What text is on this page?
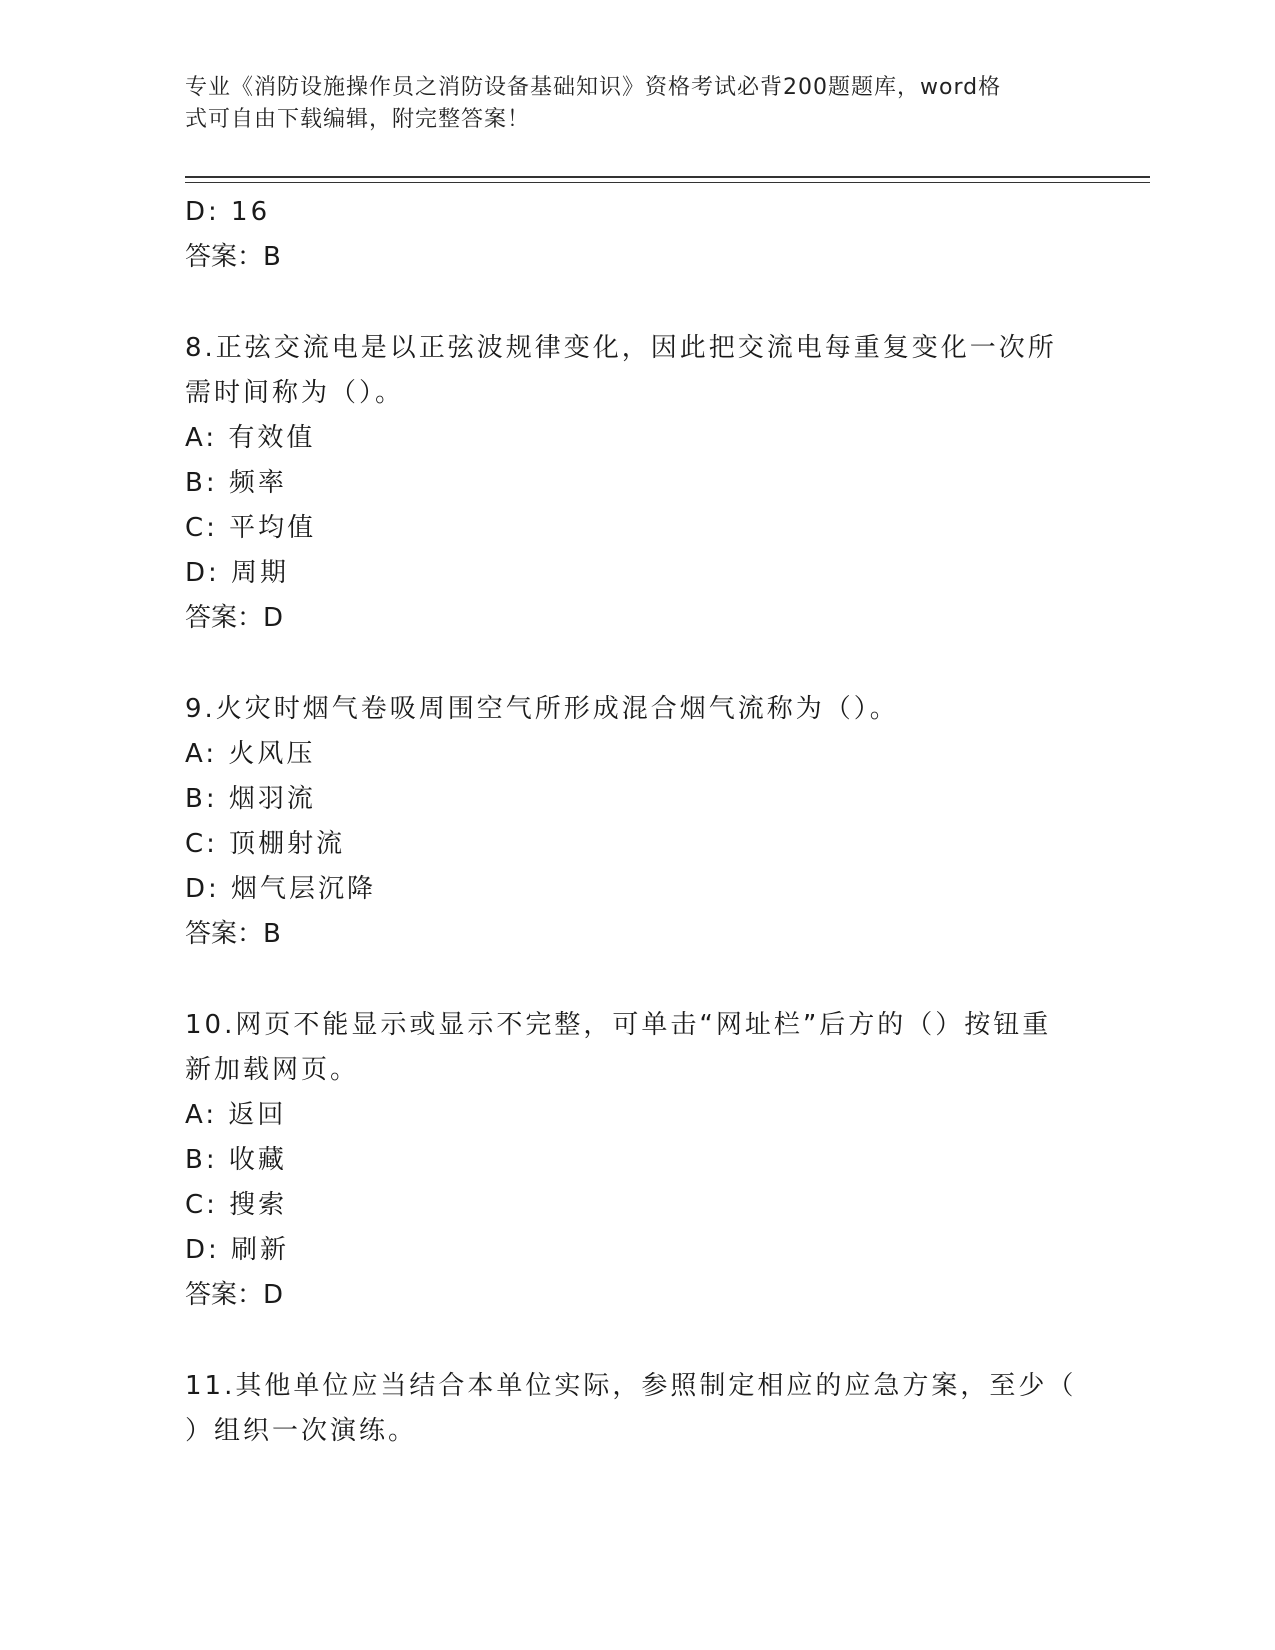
专业《消防设施操作员之消防设备基础知识》资格考试必背200题题库，word格
式可自由下载编辑，附完整答案！
D: 16
答案：B
8.正弦交流电是以正弦波规律变化，因此把交流电每重复变化一次所
需时间称为（）。
A: 有效值
B: 频率
C: 平均值
D: 周期
答案：D
9.火灾时烟气卷吸周围空气所形成混合烟气流称为（）。
A: 火风压
B: 烟羽流
C: 顶棚射流
D: 烟气层沉降
答案：B
10.网页不能显示或显示不完整，可单击“网址栏”后方的（）按钮重
新加载网页。
A: 返回
B: 收藏
C: 搜索
D: 刷新
答案：D
11.其他单位应当结合本单位实际，参照制定相应的应急方案，至少（
）组织一次演练。
